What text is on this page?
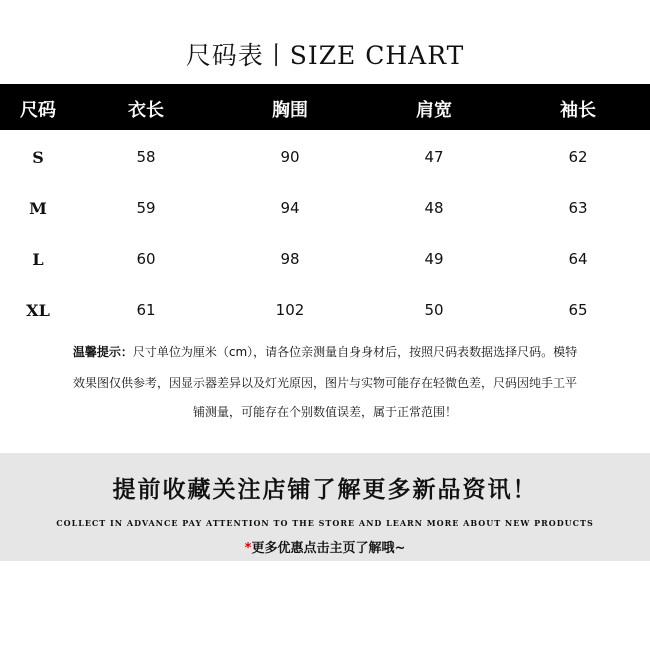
尺码表丨SIZE CHART
尺码	衣长	胸围	肩宽	袖长
S	58	90	47	62
M	59	94	48	63
L	60	98	49	64
XL	61	102	50	65
温馨提示：尺寸单位为厘米（cm），请各位亲测量自身身材后，按照尺码表数据选择尺码。模特
效果图仅供参考，因显示器差异以及灯光原因，图片与实物可能存在轻微色差，尺码因纯手工平
铺测量，可能存在个别数值误差，属于正常范围！
提前收藏关注店铺了解更多新品资讯！
COLLECT IN ADVANCE PAY ATTENTION TO THE STORE AND LEARN MORE ABOUT NEW PRODUCTS
*更多优惠点击主页了解哦~
